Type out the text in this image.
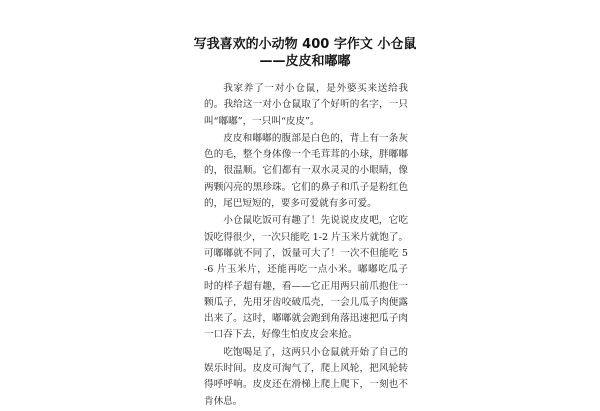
写我喜欢的小动物 400 字作文 小仓鼠
——皮皮和嘟嘟

我家养了一对小仓鼠，是外婆买来送给我的。我给这一对小仓鼠取了个好听的名字，一只叫“嘟嘟”，一只叫“皮皮”。

皮皮和嘟嘟的腹部是白色的，背上有一条灰色的毛，整个身体像一个毛茸茸的小球，胖嘟嘟的，很温顺。它们都有一双水灵灵的小眼睛，像两颗闪亮的黑珍珠。它们的鼻子和爪子是粉红色的，尾巴短短的，要多可爱就有多可爱。

小仓鼠吃饭可有趣了！先说说皮皮吧，它吃饭吃得很少，一次只能吃 1-2 片玉米片就饱了。可嘟嘟就不同了，饭量可大了！一次不但能吃 5-6 片玉米片，还能再吃一点小米。嘟嘟吃瓜子时的样子超有趣，看——它正用两只前爪抱住一颗瓜子，先用牙齿咬破瓜壳，一会儿瓜子肉便露出来了。这时，嘟嘟就会跑到角落迅速把瓜子肉一口吞下去，好像生怕皮皮会来抢。

吃饱喝足了，这两只小仓鼠就开始了自己的娱乐时间。皮皮可淘气了，爬上风轮，把风轮转得呼呼响。皮皮还在滑梯上爬上爬下，一刻也不肯休息。
